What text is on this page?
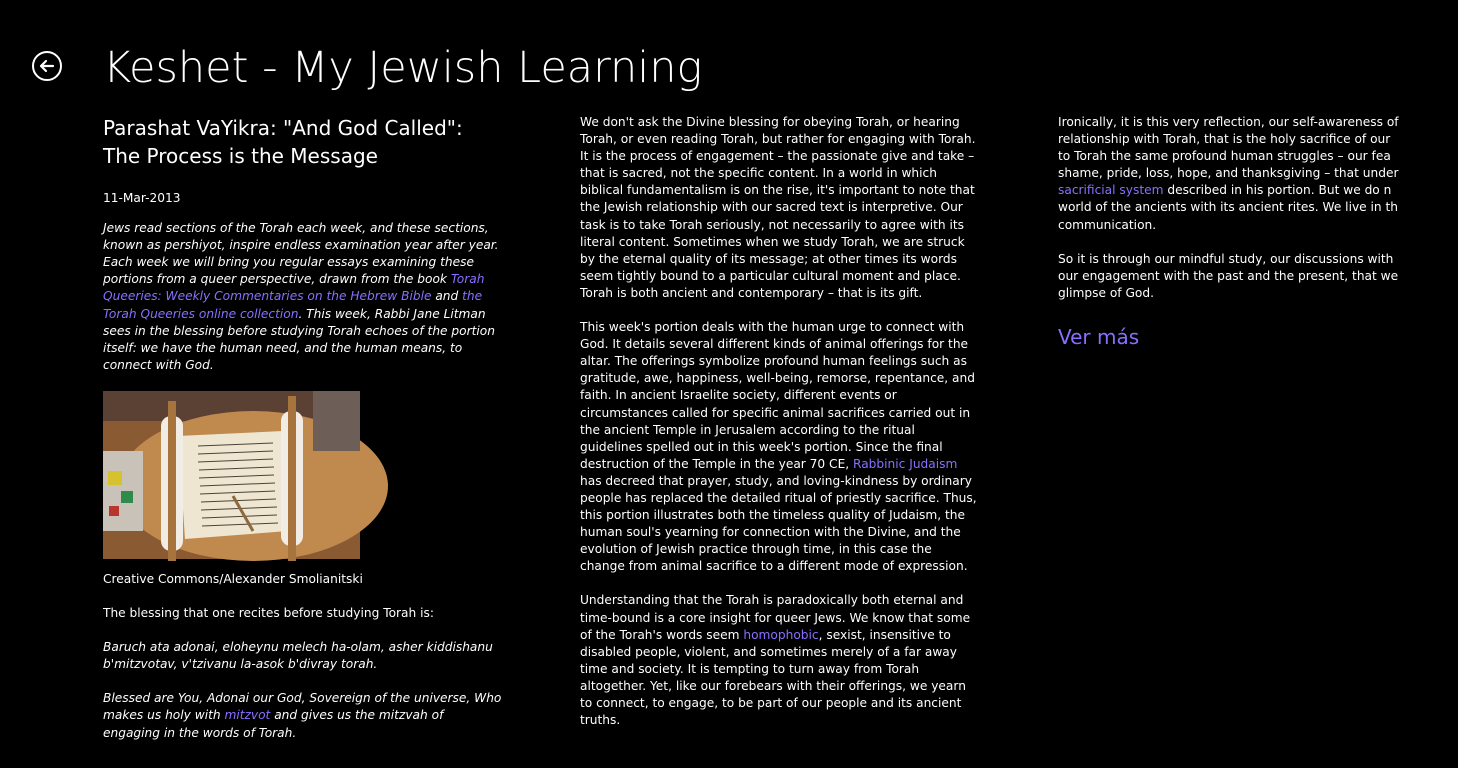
Keshet - My Jewish Learning
Parashat VaYikra: "And God Called": The Process is the Message
11-Mar-2013
Jews read sections of the Torah each week, and these sections, known as pershiyot, inspire endless examination year after year. Each week we will bring you regular essays examining these portions from a queer perspective, drawn from the book Torah Queeries: Weekly Commentaries on the Hebrew Bible and the Torah Queeries online collection. This week, Rabbi Jane Litman sees in the blessing before studying Torah echoes of the portion itself: we have the human need, and the human means, to connect with God.

Creative Commons/Alexander Smolianitski

The blessing that one recites before studying Torah is:

Baruch ata adonai, eloheynu melech ha-olam, asher kiddishanu b'mitzvotav, v'tzivanu la-asok b'divray torah.

Blessed are You, Adonai our God, Sovereign of the universe, Who makes us holy with mitzvot and gives us the mitzvah of engaging in the words of Torah.

We don't ask the Divine blessing for obeying Torah, or hearing Torah, or even reading Torah, but rather for engaging with Torah. It is the process of engagement – the passionate give and take – that is sacred, not the specific content. In a world in which biblical fundamentalism is on the rise, it's important to note that the Jewish relationship with our sacred text is interpretive. Our task is to take Torah seriously, not necessarily to agree with its literal content. Sometimes when we study Torah, we are struck by the eternal quality of its message; at other times its words seem tightly bound to a particular cultural moment and place. Torah is both ancient and contemporary – that is its gift.

This week's portion deals with the human urge to connect with God. It details several different kinds of animal offerings for the altar. The offerings symbolize profound human feelings such as gratitude, awe, happiness, well-being, remorse, repentance, and faith. In ancient Israelite society, different events or circumstances called for specific animal sacrifices carried out in the ancient Temple in Jerusalem according to the ritual guidelines spelled out in this week's portion. Since the final destruction of the Temple in the year 70 CE, Rabbinic Judaism has decreed that prayer, study, and loving-kindness by ordinary people has replaced the detailed ritual of priestly sacrifice. Thus, this portion illustrates both the timeless quality of Judaism, the human soul's yearning for connection with the Divine, and the evolution of Jewish practice through time, in this case the change from animal sacrifice to a different mode of expression.

Understanding that the Torah is paradoxically both eternal and time-bound is a core insight for queer Jews. We know that some of the Torah's words seem homophobic, sexist, insensitive to disabled people, violent, and sometimes merely of a far away time and society. It is tempting to turn away from Torah altogether. Yet, like our forebears with their offerings, we yearn to connect, to engage, to be part of our people and its ancient truths.

Ironically, it is this very reflection, our self-awareness of
relationship with Torah, that is the holy sacrifice of our
to Torah the same profound human struggles – our fea
shame, pride, loss, hope, and thanksgiving – that under
sacrificial system described in his portion. But we do n
world of the ancients with its ancient rites. We live in th
communication.

So it is through our mindful study, our discussions with
our engagement with the past and the present, that we
glimpse of God.

Ver más
